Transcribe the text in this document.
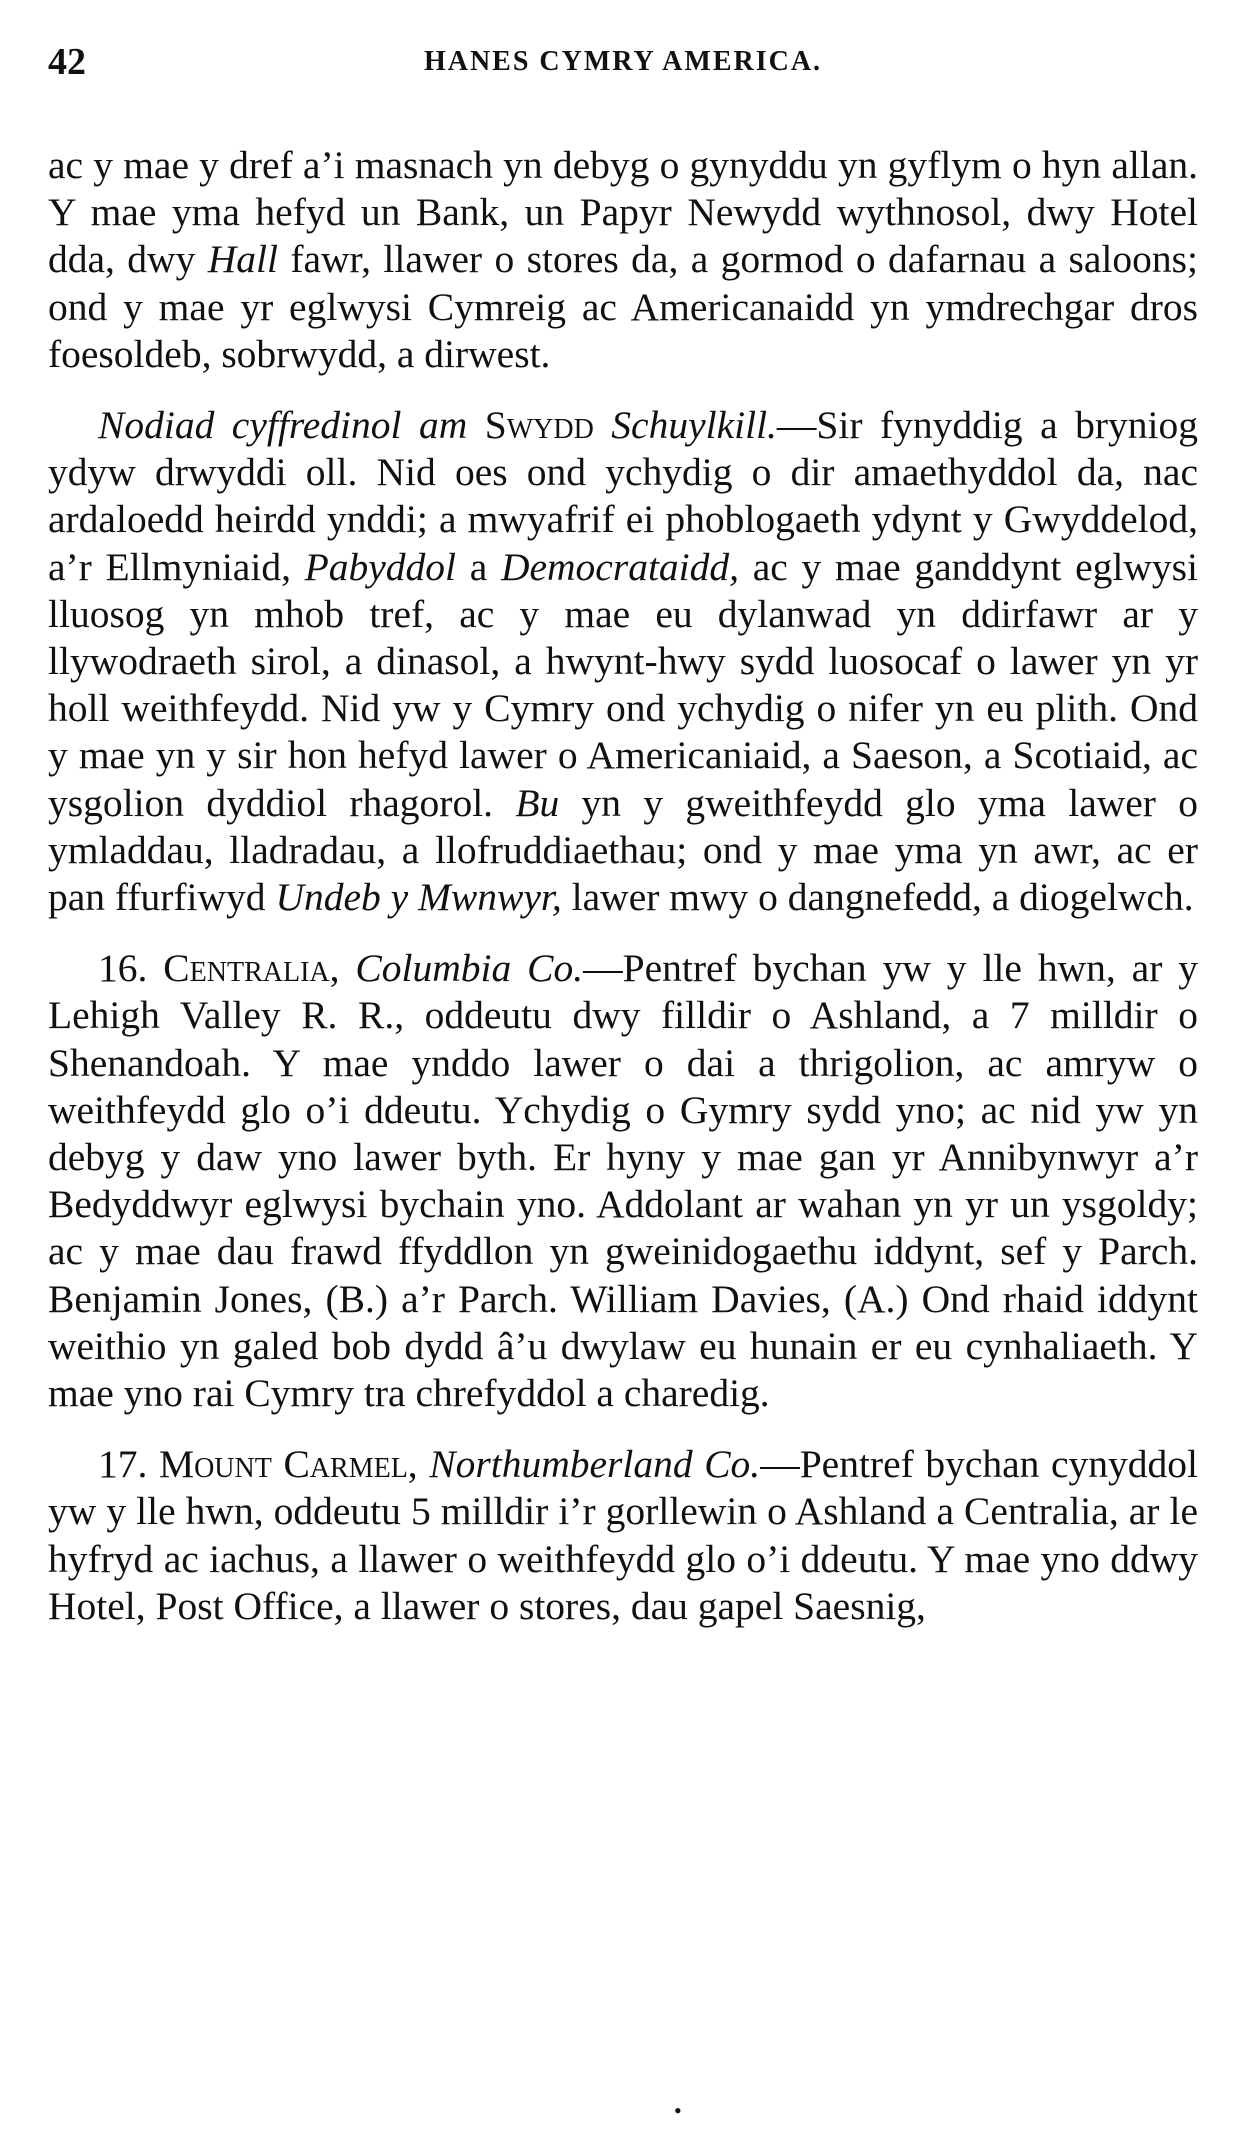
42	HANES CYMRY AMERICA.

ac y mae y dref a’i masnach yn debyg o gynyddu yn gyflym o hyn allan. Y mae yma hefyd un Bank, un Papyr Newydd wythnosol, dwy Hotel dda, dwy Hall fawr, llawer o stores da, a gormod o dafarnau a saloons; ond y mae yr eglwysi Cymreig ac Americanaidd yn ymdrechgar dros foesoldeb, sobrwydd, a dirwest.

Nodiad cyffredinol am Swydd Schuylkill.—Sir fynyddig a bryniog ydyw drwyddi oll. Nid oes ond ychydig o dir amaethyddol da, nac ardaloedd heirdd ynddi; a mwyafrif ei phoblogaeth ydynt y Gwyddelod, a’r Ellmyniaid, Pabyddol a Democrataidd, ac y mae ganddynt eglwysi lluosog yn mhob tref, ac y mae eu dylanwad yn ddirfawr ar y llywodraeth sirol, a dinasol, a hwynt-hwy sydd luosocaf o lawer yn yr holl weithfeydd. Nid yw y Cymry ond ychydig o nifer yn eu plith. Ond y mae yn y sir hon hefyd lawer o Americaniaid, a Saeson, a Scotiaid, ac ysgolion dyddiol rhagorol. Bu yn y gweithfeydd glo yma lawer o ymladdau, lladradau, a llofruddiaethau; ond y mae yma yn awr, ac er pan ffurfiwyd Undeb y Mwnwyr, lawer mwy o dangnefedd, a diogelwch.

16. Centralia, Columbia Co.—Pentref bychan yw y lle hwn, ar y Lehigh Valley R. R., oddeutu dwy filldir o Ashland, a 7 milldir o Shenandoah. Y mae ynddo lawer o dai a thrigolion, ac amryw o weithfeydd glo o’i ddeutu. Ychydig o Gymry sydd yno; ac nid yw yn debyg y daw yno lawer byth. Er hyny y mae gan yr Annibynwyr a’r Bedyddwyr eglwysi bychain yno. Addolant ar wahan yn yr un ysgoldy; ac y mae dau frawd ffyddlon yn gweinidogaethu iddynt, sef y Parch. Benjamin Jones, (B.) a’r Parch. William Davies, (A.) Ond rhaid iddynt weithio yn galed bob dydd â’u dwylaw eu hunain er eu cynhaliaeth. Y mae yno rai Cymry tra chrefyddol a charedig.

17. Mount Carmel, Northumberland Co.—Pentref bychan cynyddol yw y lle hwn, oddeutu 5 milldir i’r gorllewin o Ashland a Centralia, ar le hyfryd ac iachus, a llawer o weithfeydd glo o’i ddeutu. Y mae yno ddwy Hotel, Post Office, a llawer o stores, dau gapel Saesnig,

•
